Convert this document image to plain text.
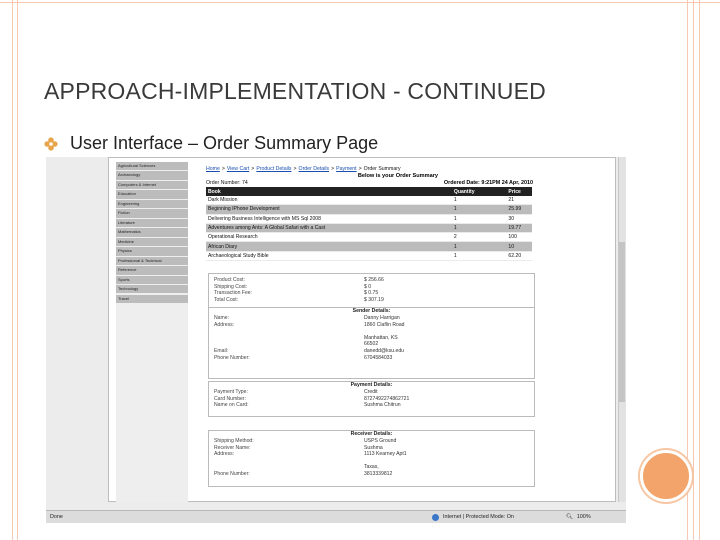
APPROACH-IMPLEMENTATION - CONTINUED
User Interface – Order Summary Page
Agricultural Sciences
Archaeology
Computers & Internet
Education
Engineering
Fiction
Literature
Mathematics
Medicine
Physics
Professional & Technical
Reference
Sports
Technology
Travel
Home > View Cart > Product Details > Order Details > Payment > Order Summary
Order Number: 74
Below is your Order Summary
Ordered Date: 9:21PM 24 Apr, 2010
Book	Quantity	Price
Dark Mission	1	21
Beginning IPhone Development	1	25.99
Delivering Business Intelligence with MS Sql 2008	1	30
Adventures among Ants: A Global Safari with a Cast	1	19.77
Operational Research	2	100
African Diary	1	10
Archaeological Study Bible	1	62.20
Product Cost:	$ 256.66
Shipping Cost:	$ 0
Transaction Fee:	$ 0.75
Total Cost:	$ 307.19
Sender Details:
Name:	Danny Harrigan
Address:	1860 Claflin Road
Manhattan, KS
66502
Email:	danedd@ksu.edu
Phone Number:	6704584033
Payment Details:
Payment Type:	Credit
Card Number:	8727492274862721
Name on Card:	Sushma Chitrun
Receiver Details:
Shipping Method:	USPS Ground
Receiver Name:	Sushma
Address:	1113 Kearney Apt1
Taxas,
Phone Number:	3813339812
Done	Internet | Protected Mode: On	🔍︎ 100%
